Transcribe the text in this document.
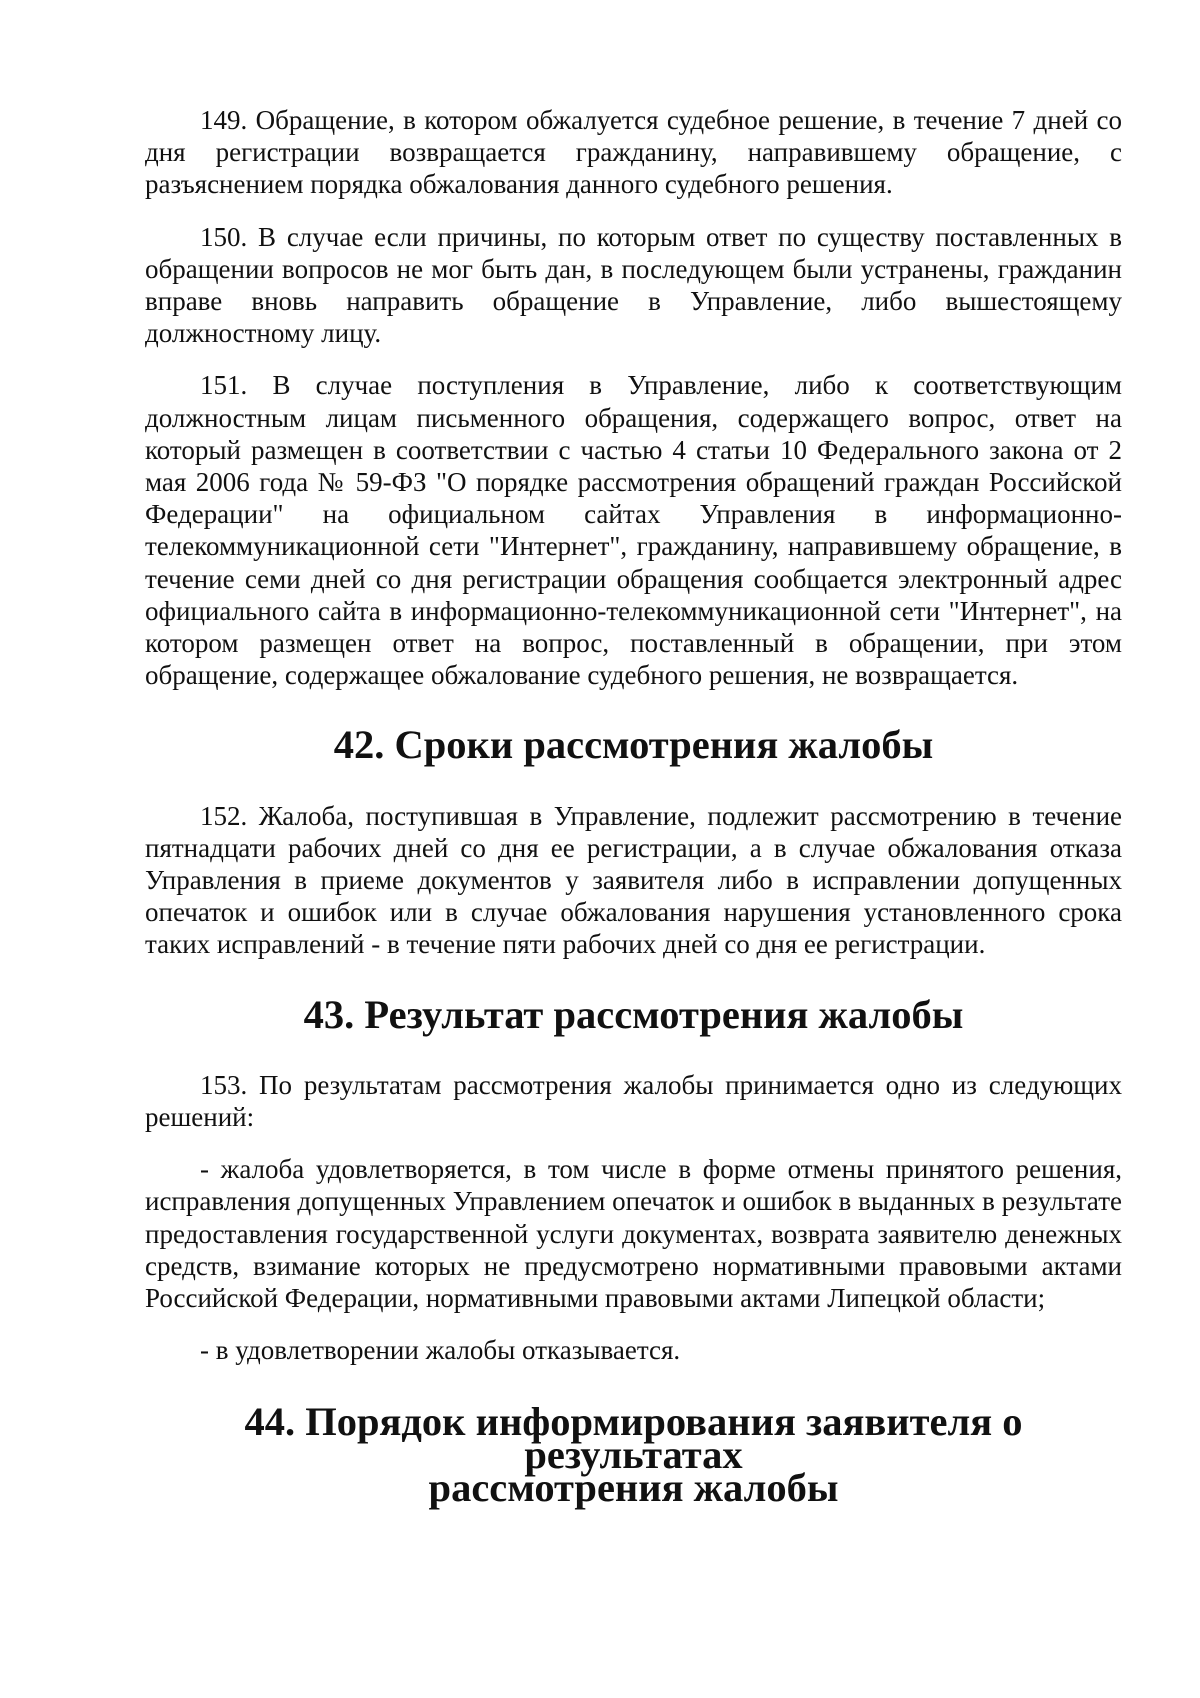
149. Обращение, в котором обжалуется судебное решение, в течение 7 дней со дня регистрации возвращается гражданину, направившему обращение, с разъяснением порядка обжалования данного судебного решения.

150. В случае если причины, по которым ответ по существу поставленных в обращении вопросов не мог быть дан, в последующем были устранены, гражданин вправе вновь направить обращение в Управление, либо вышестоящему должностному лицу.

151. В случае поступления в Управление, либо к соответствующим должностным лицам письменного обращения, содержащего вопрос, ответ на который размещен в соответствии с частью 4 статьи 10 Федерального закона от 2 мая 2006 года № 59-ФЗ "О порядке рассмотрения обращений граждан Российской Федерации" на официальном сайтах Управления в информационно-телекоммуникационной сети "Интернет", гражданину, направившему обращение, в течение семи дней со дня регистрации обращения сообщается электронный адрес официального сайта в информационно-телекоммуникационной сети "Интернет", на котором размещен ответ на вопрос, поставленный в обращении, при этом обращение, содержащее обжалование судебного решения, не возвращается.

42. Сроки рассмотрения жалобы

152. Жалоба, поступившая в Управление, подлежит рассмотрению в течение пятнадцати рабочих дней со дня ее регистрации, а в случае обжалования отказа Управления в приеме документов у заявителя либо в исправлении допущенных опечаток и ошибок или в случае обжалования нарушения установленного срока таких исправлений - в течение пяти рабочих дней со дня ее регистрации.

43. Результат рассмотрения жалобы

153. По результатам рассмотрения жалобы принимается одно из следующих решений:

- жалоба удовлетворяется, в том числе в форме отмены принятого решения, исправления допущенных Управлением опечаток и ошибок в выданных в результате предоставления государственной услуги документах, возврата заявителю денежных средств, взимание которых не предусмотрено нормативными правовыми актами Российской Федерации, нормативными правовыми актами Липецкой области;

- в удовлетворении жалобы отказывается.

44. Порядок информирования заявителя о результатах
рассмотрения жалобы
